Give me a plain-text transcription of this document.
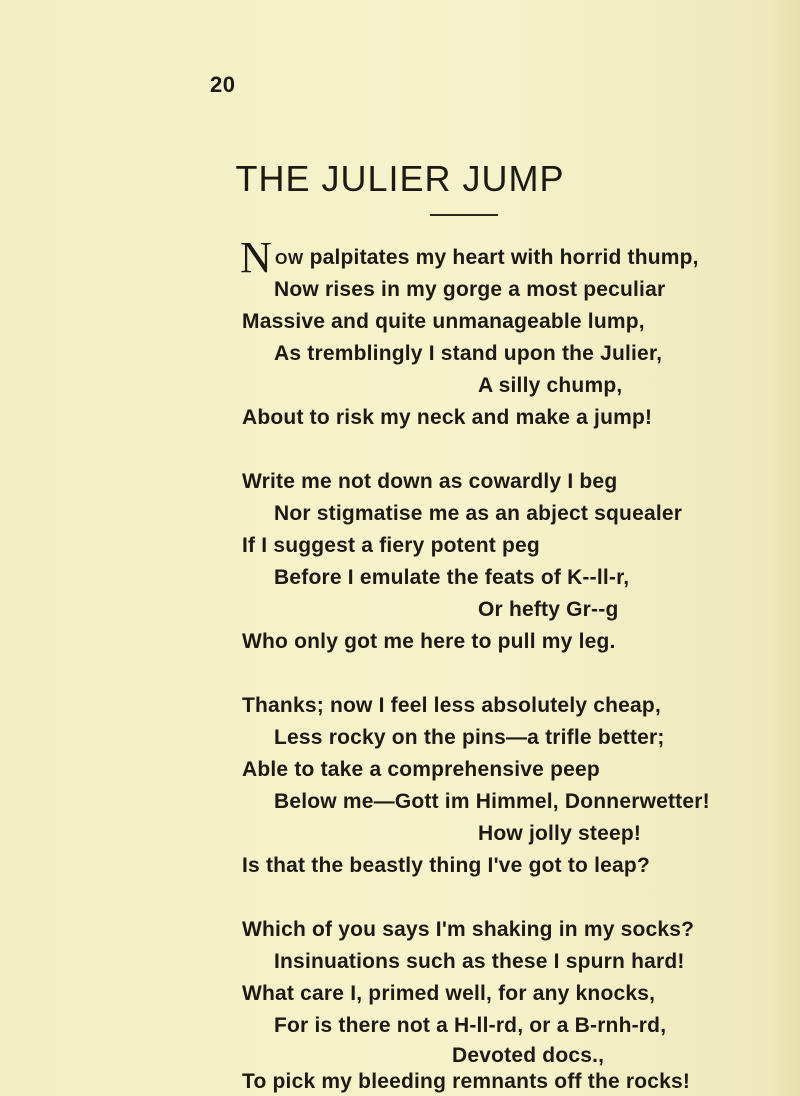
20
THE JULIER JUMP
N OW palpitates my heart with horrid thump,
Now rises in my gorge a most peculiar
Massive and quite unmanageable lump,
As tremblingly I stand upon the Julier,
A silly chump,
About to risk my neck and make a jump!
Write me not down as cowardly I beg
Nor stigmatise me as an abject squealer
If I suggest a fiery potent peg
Before I emulate the feats of K--ll-r,
Or hefty Gr--g
Who only got me here to pull my leg.
Thanks; now I feel less absolutely cheap,
Less rocky on the pins—a trifle better;
Able to take a comprehensive peep
Below me—Gott im Himmel, Donnerwetter!
How jolly steep!
Is that the beastly thing I've got to leap?
Which of you says I'm shaking in my socks?
Insinuations such as these I spurn hard!
What care I, primed well, for any knocks,
For is there not a H-ll-rd, or a B-rnh-rd,
Devoted docs.,
To pick my bleeding remnants off the rocks!
